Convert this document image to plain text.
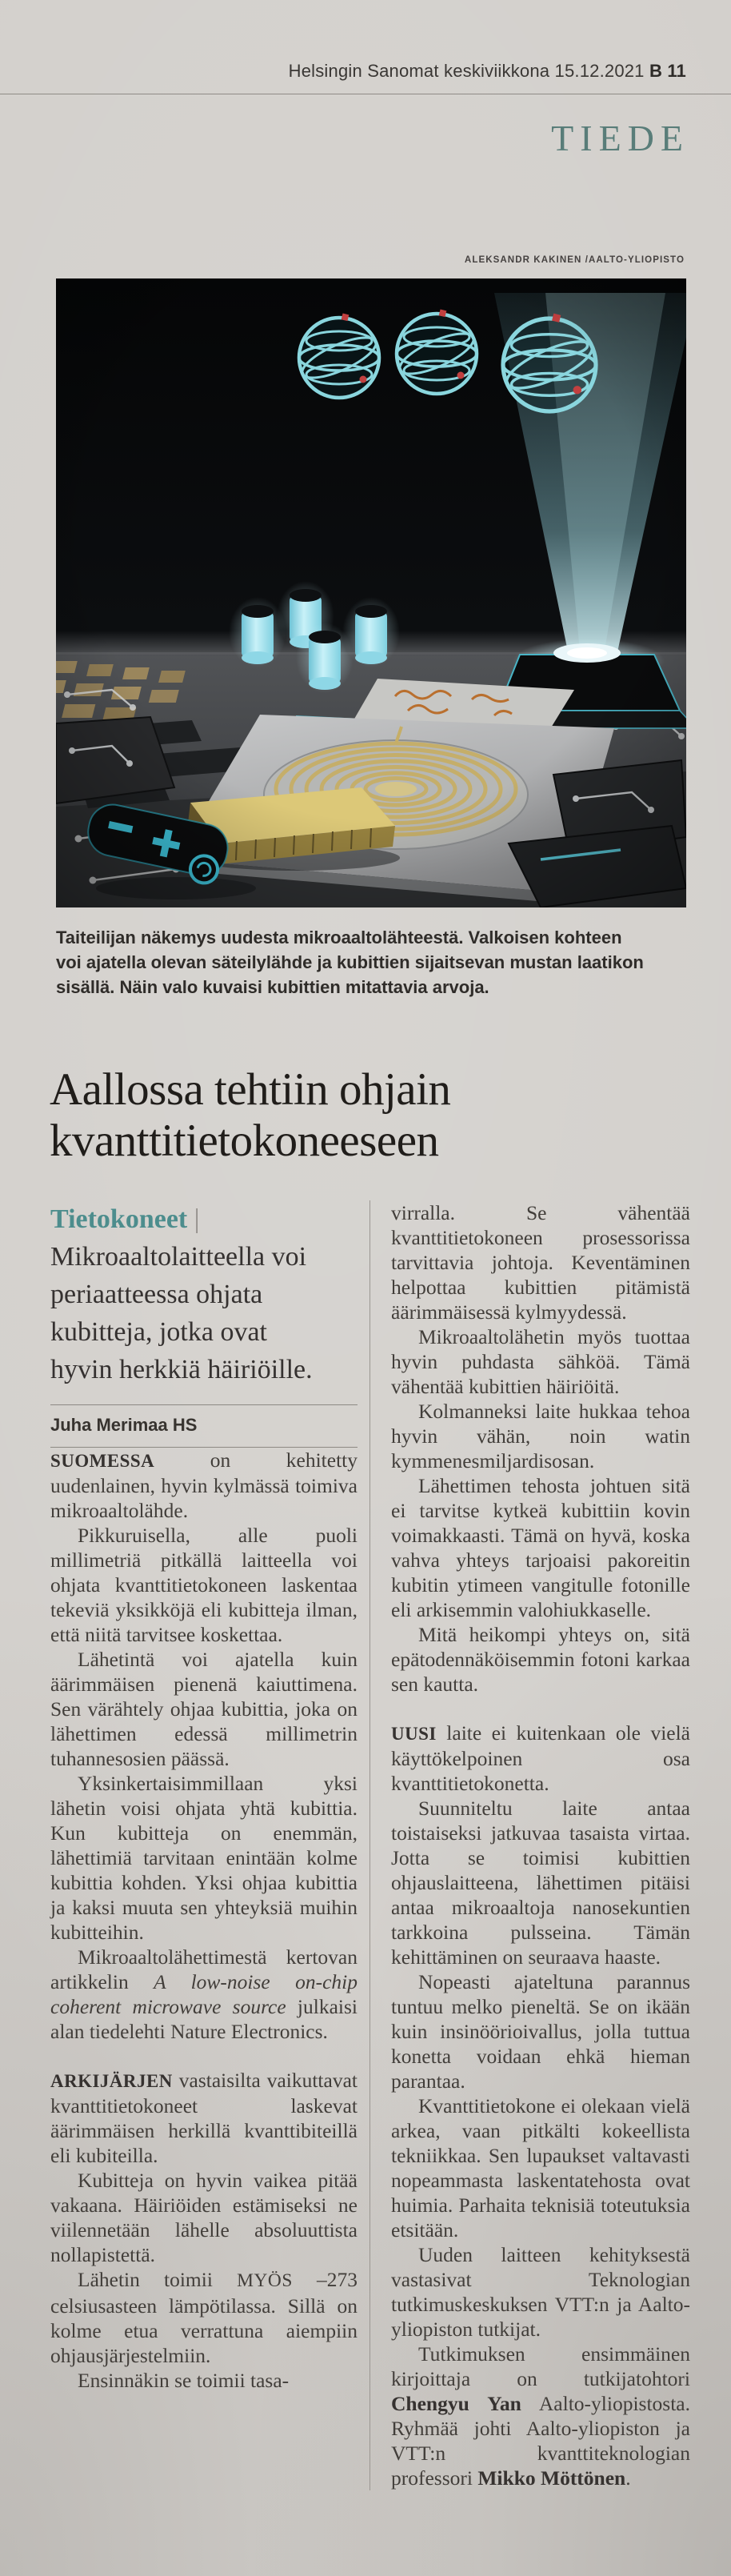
Helsingin Sanomat keskiviikkona 15.12.2021 B 11
TIEDE
ALEKSANDR KAKINEN /AALTO-YLIOPISTO
Taiteilijan näkemys uudesta mikroaaltolähteestä. Valkoisen kohteen voi ajatella olevan säteilylähde ja kubittien sijaitsevan mustan laatikon sisällä. Näin valo kuvaisi kubittien mitattavia arvoja.
Aallossa tehtiin ohjain kvanttitietokoneeseen
Tietokoneet | Mikroaaltolaitteella voi periaatteessa ohjata kubitteja, jotka ovat hyvin herkkiä häiriöille.
Juha Merimaa HS

SUOMESSA	on kehitetty uudenlainen, hyvin kylmässä toimiva mikroaaltolähde.

Pikkuruisella, alle puoli millimetriä pitkällä laitteella voi ohjata kvanttitietokoneen laskentaa tekeviä yksikköjä eli kubitteja ilman, että niitä tarvitsee koskettaa.

Lähetintä voi ajatella kuin äärimmäisen pienenä kaiuttimena. Sen värähtely ohjaa kubittia, joka on lähettimen edessä millimetrin tuhannesosien päässä.

Yksinkertaisimmillaan yksi lähetin voisi ohjata yhtä kubittia. Kun kubitteja on enemmän, lähettimiä tarvitaan enintään kolme kubittia kohden. Yksi ohjaa kubittia ja kaksi muuta sen yhteyksiä muihin kubitteihin.

Mikroaaltolähettimestä kertovan artikkelin A low-noise on-chip coherent microwave source julkaisi alan tiedelehti Nature Electronics.

ARKIJÄRJEN vastaisilta vaikuttavat kvanttitietokoneet laskevat äärimmäisen herkillä kvanttibiteillä eli kubiteilla.

Kubitteja on hyvin vaikea pitää vakaana. Häiriöiden estämiseksi ne viilennetään lähelle absoluuttista nollapistettä.

Lähetin toimii MYÖS –273 celsiusasteen lämpötilassa. Sillä on kolme etua verrattuna aiempiin ohjausjärjestelmiin.

Ensinnäkin se toimii tasa-

virralla. Se vähentää kvanttitietokoneen prosessorissa tarvittavia johtoja. Keventäminen helpottaa kubittien pitämistä äärimmäisessä kylmyydessä.

Mikroaaltolähetin myös tuottaa hyvin puhdasta sähköä. Tämä vähentää kubittien häiriöitä.

Kolmanneksi laite hukkaa tehoa hyvin vähän, noin watin kymmenesmiljardisosan.

Lähettimen tehosta johtuen sitä ei tarvitse kytkeä kubittiin kovin voimakkaasti. Tämä on hyvä, koska vahva yhteys tarjoaisi pakoreitin kubitin ytimeen vangitulle fotonille eli arkisemmin valohiukkaselle.

Mitä heikompi yhteys on, sitä epätodennäköisemmin fotoni karkaa sen kautta.

UUSI laite ei kuitenkaan ole vielä käyttökelpoinen osa kvanttitietokonetta.

Suunniteltu laite antaa toistaiseksi jatkuvaa tasaista virtaa. Jotta se toimisi kubittien ohjauslaitteena, lähettimen pitäisi antaa mikroaaltoja nanosekuntien tarkkoina pulsseina. Tämän kehittäminen on seuraava haaste.

Nopeasti ajateltuna parannus tuntuu melko pieneltä. Se on ikään kuin insinöörioivallus, jolla tuttua konetta voidaan ehkä hieman parantaa.

Kvanttitietokone ei olekaan vielä arkea, vaan pitkälti kokeellista tekniikkaa. Sen lupaukset valtavasti nopeammasta laskentatehosta ovat huimia. Parhaita teknisiä toteutuksia etsitään.

Uuden laitteen kehityksestä vastasivat Teknologian tutkimuskeskuksen VTT:n ja Aalto-yliopiston tutkijat.

Tutkimuksen ensimmäinen kirjoittaja on tutkijatohtori Chengyu Yan Aalto-yliopistosta. Ryhmää johti Aalto-yliopiston ja VTT:n kvanttiteknologian professori Mikko Möttönen.
